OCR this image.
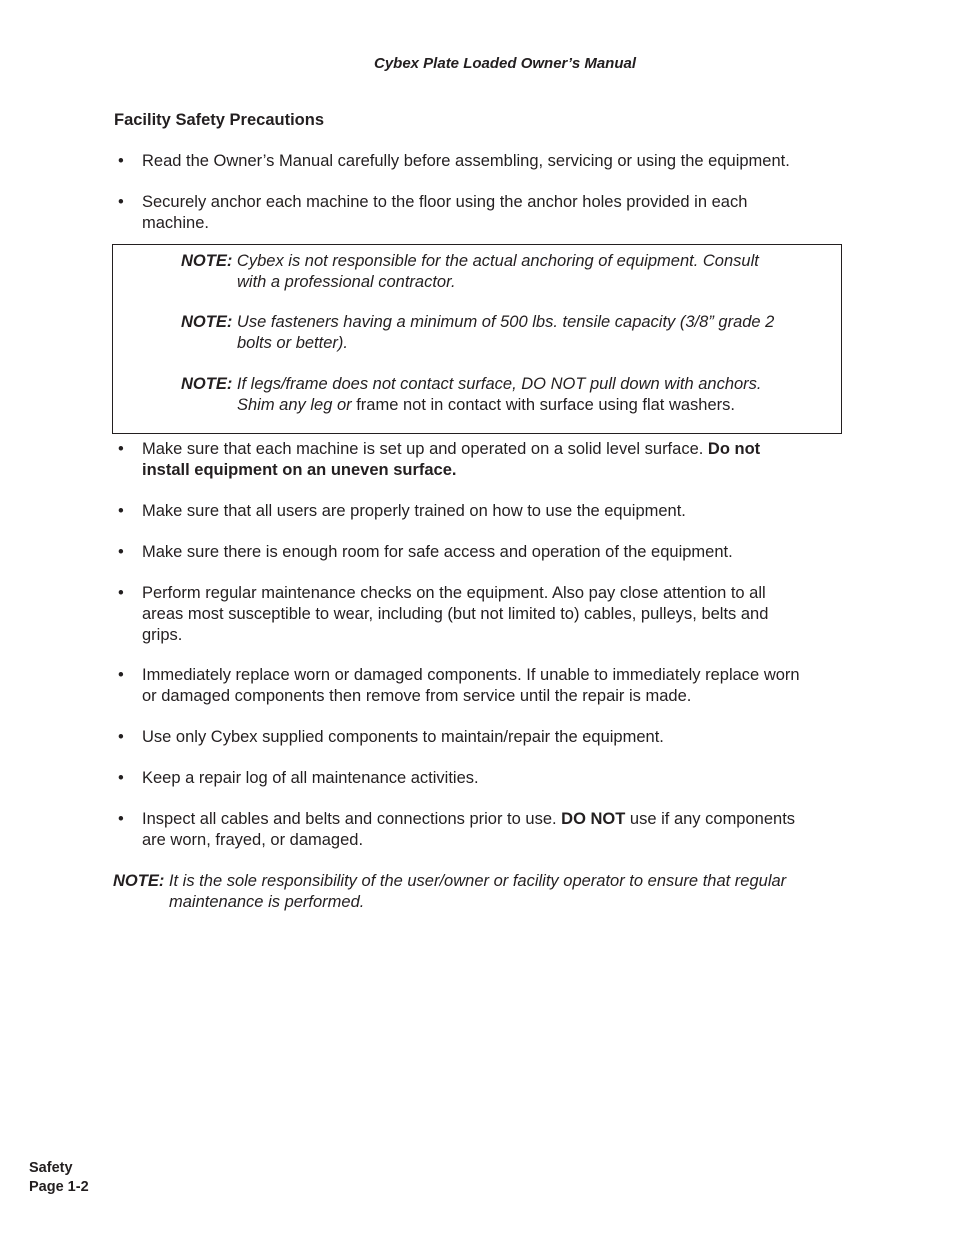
Cybex Plate Loaded Owner’s Manual
Facility Safety Precautions
• Read the Owner’s Manual carefully before assembling, servicing or using the equipment.
• Securely anchor each machine to the floor using the anchor holes provided in each
machine.
NOTE: Cybex is not responsible for the actual anchoring of equipment. Consult
with a professional contractor.
NOTE: Use fasteners having a minimum of 500 lbs. tensile capacity (3/8” grade 2
bolts or better).
NOTE: If legs/frame does not contact surface, DO NOT pull down with anchors.
Shim any leg or frame not in contact with surface using flat washers.
• Make sure that each machine is set up and operated on a solid level surface. Do not
install equipment on an uneven surface.
• Make sure that all users are properly trained on how to use the equipment.
• Make sure there is enough room for safe access and operation of the equipment.
• Perform regular maintenance checks on the equipment. Also pay close attention to all
areas most susceptible to wear, including (but not limited to) cables, pulleys, belts and
grips.
• Immediately replace worn or damaged components. If unable to immediately replace worn
or damaged components then remove from service until the repair is made.
• Use only Cybex supplied components to maintain/repair the equipment.
• Keep a repair log of all maintenance activities.
• Inspect all cables and belts and connections prior to use. DO NOT use if any components
are worn, frayed, or damaged.
NOTE: It is the sole responsibility of the user/owner or facility operator to ensure that regular
maintenance is performed.
Safety
Page 1-2
